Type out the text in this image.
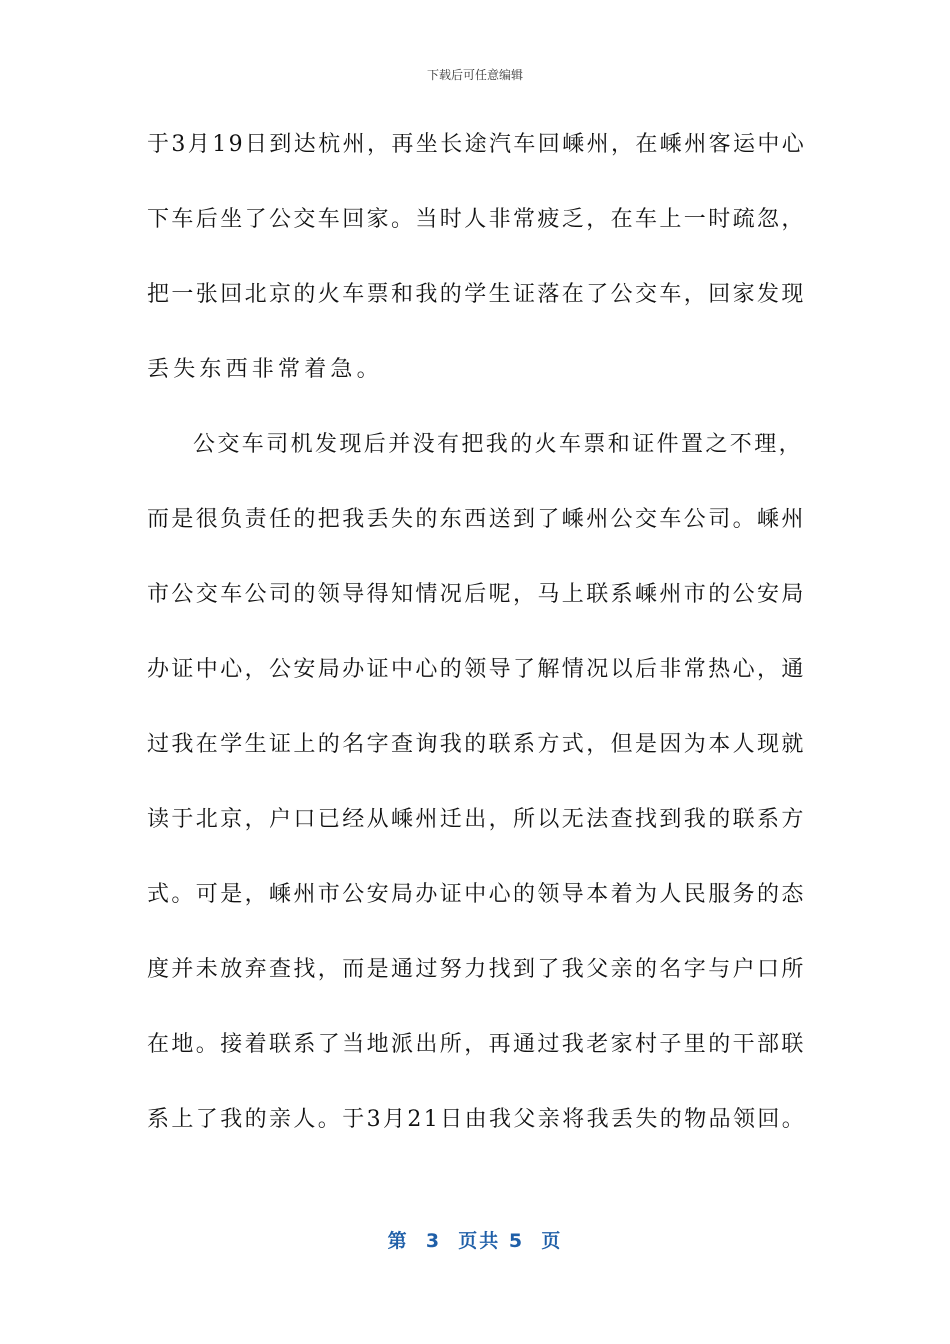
下载后可任意编辑
于3月19日到达杭州，再坐长途汽车回嵊州，在嵊州客运中心
下车后坐了公交车回家。当时人非常疲乏，在车上一时疏忽，
把一张回北京的火车票和我的学生证落在了公交车，回家发现
丢失东西非常着急。
公交车司机发现后并没有把我的火车票和证件置之不理，
而是很负责任的把我丢失的东西送到了嵊州公交车公司。嵊州
市公交车公司的领导得知情况后呢，马上联系嵊州市的公安局
办证中心，公安局办证中心的领导了解情况以后非常热心，通
过我在学生证上的名字查询我的联系方式，但是因为本人现就
读于北京，户口已经从嵊州迁出，所以无法查找到我的联系方
式。可是，嵊州市公安局办证中心的领导本着为人民服务的态
度并未放弃查找，而是通过努力找到了我父亲的名字与户口所
在地。接着联系了当地派出所，再通过我老家村子里的干部联
系上了我的亲人。于3月21日由我父亲将我丢失的物品领回。
第  3  页共 5  页
